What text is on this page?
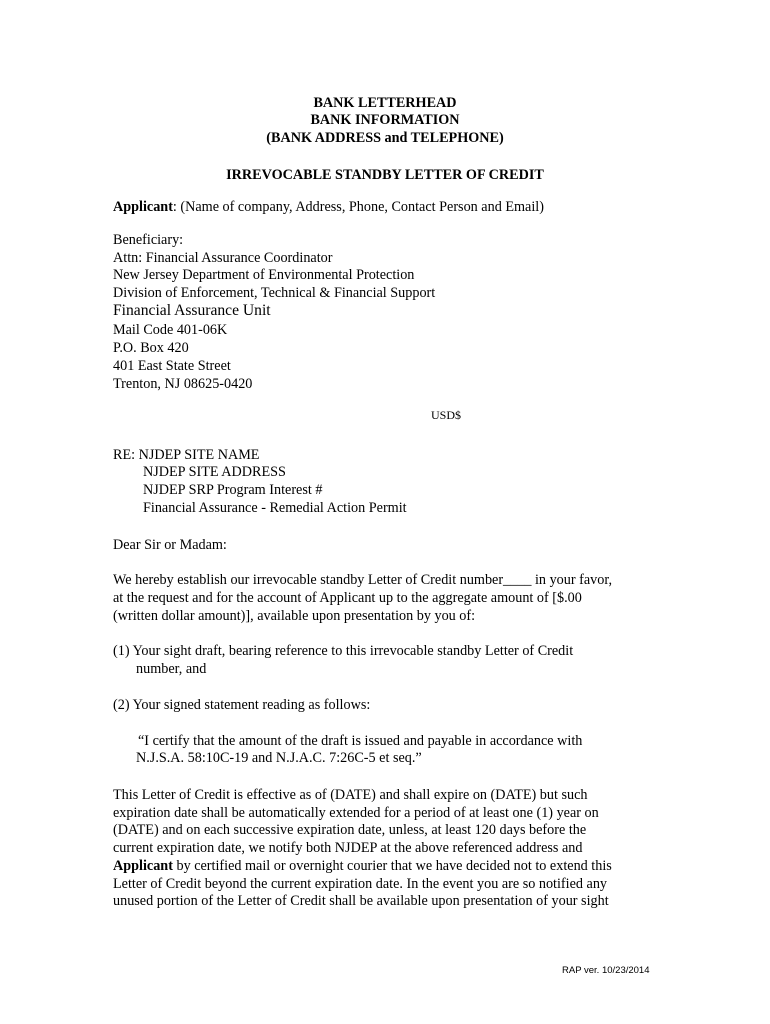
BANK LETTERHEAD
BANK INFORMATION
(BANK ADDRESS and TELEPHONE)
IRREVOCABLE STANDBY LETTER OF CREDIT
Applicant: (Name of company, Address, Phone, Contact Person and Email)
Beneficiary:
Attn: Financial Assurance Coordinator
New Jersey Department of Environmental Protection
Division of Enforcement, Technical & Financial Support
Financial Assurance Unit
Mail Code 401-06K
P.O. Box 420
401 East State Street
Trenton, NJ 08625-0420
USD$
RE: NJDEP SITE NAME
NJDEP SITE ADDRESS
NJDEP SRP Program Interest #
Financial Assurance - Remedial Action Permit
Dear Sir or Madam:
We hereby establish our irrevocable standby Letter of Credit number____ in your favor,
at the request and for the account of Applicant up to the aggregate amount of [$.00
(written dollar amount)], available upon presentation by you of:
(1) Your sight draft, bearing reference to this irrevocable standby Letter of Credit
number, and
(2) Your signed statement reading as follows:
“I certify that the amount of the draft is issued and payable in accordance with
N.J.S.A. 58:10C-19 and N.J.A.C. 7:26C-5 et seq.”
This Letter of Credit is effective as of (DATE) and shall expire on (DATE) but such
expiration date shall be automatically extended for a period of at least one (1) year on
(DATE) and on each successive expiration date, unless, at least 120 days before the
current expiration date, we notify both NJDEP at the above referenced address and
Applicant by certified mail or overnight courier that we have decided not to extend this
Letter of Credit beyond the current expiration date. In the event you are so notified any
unused portion of the Letter of Credit shall be available upon presentation of your sight
RAP ver. 10/23/2014
